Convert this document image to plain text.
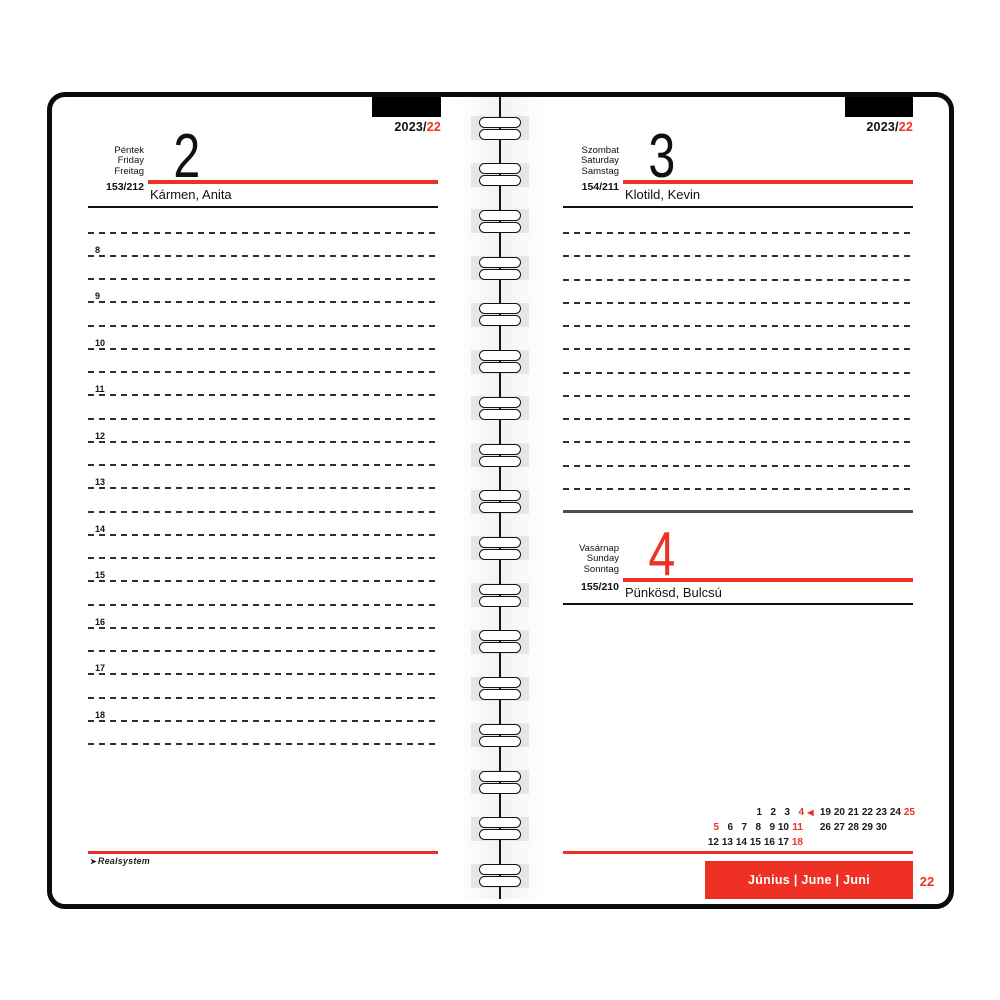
2023/22	2023/22
Péntek
Friday
Freitag
153/212 2
Kármen, Anita
8
9
10
11
12
13
14
15
16
17
18
➤Realsystem
Szombat
Saturday
Samstag
154/211 3
Klotild, Kevin
Vasárnap
Sunday
Sonntag
155/210 4
Pünkösd, Bulcsú
1 2 3 4 ◀ 19 20 21 22 23 24 25
5 6 7 8 9 10 11 26 27 28 29 30
12 13 14 15 16 17 18
Június | June | Juni	22
